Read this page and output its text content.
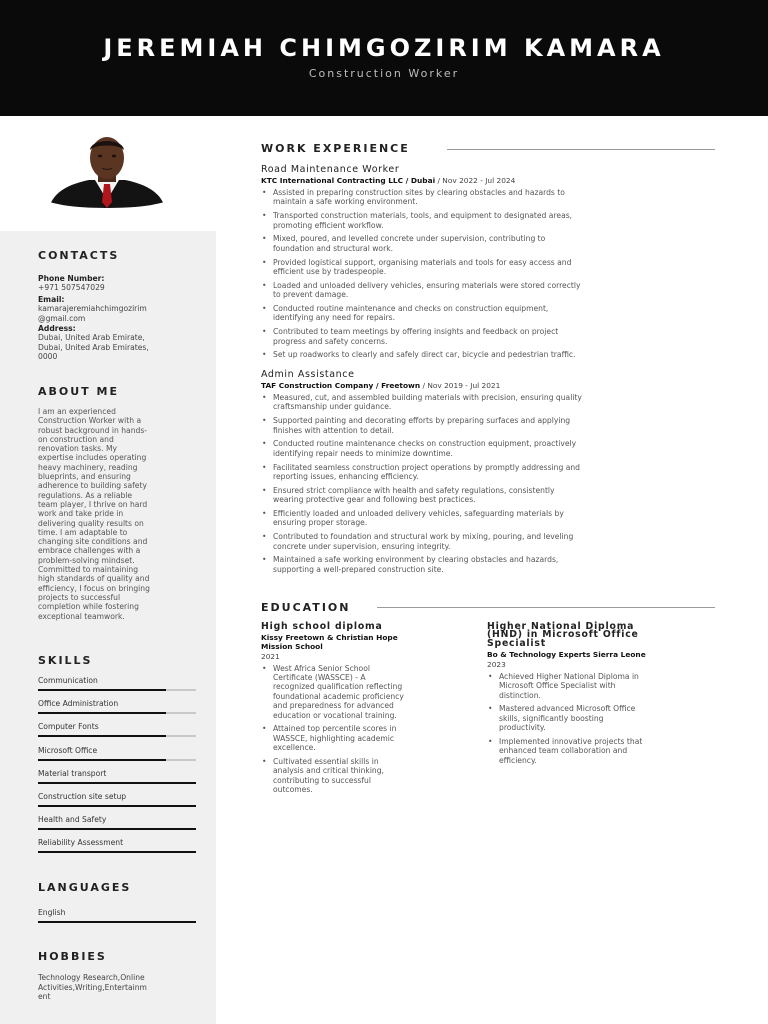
JEREMIAH CHIMGOZIRIM KAMARA
Construction Worker
CONTACTS
Phone Number:
+971 507547029
Email:
kamarajeremiahchimgozirim
@gmail.com
Address:
Dubai, United Arab Emirate,
Dubai, United Arab Emirates,
0000
ABOUT ME
I am an experienced
Construction Worker with a
robust background in hands-
on construction and
renovation tasks. My
expertise includes operating
heavy machinery, reading
blueprints, and ensuring
adherence to building safety
regulations. As a reliable
team player, I thrive on hard
work and take pride in
delivering quality results on
time. I am adaptable to
changing site conditions and
embrace challenges with a
problem-solving mindset.
Committed to maintaining
high standards of quality and
efficiency, I focus on bringing
projects to successful
completion while fostering
exceptional teamwork.
SKILLS
Communication
Office Administration
Computer Fonts
Microsoft Office
Material transport
Construction site setup
Health and Safety
Reliability Assessment
LANGUAGES
English
HOBBIES
Technology Research,Online
Activities,Writing,Entertainm
ent
WORK EXPERIENCE
Road Maintenance Worker
KTC International Contracting LLC / Dubai / Nov 2022 - Jul 2024
• Assisted in preparing construction sites by clearing obstacles and hazards to
maintain a safe working environment.
• Transported construction materials, tools, and equipment to designated areas,
promoting efficient workflow.
• Mixed, poured, and levelled concrete under supervision, contributing to
foundation and structural work.
• Provided logistical support, organising materials and tools for easy access and
efficient use by tradespeople.
• Loaded and unloaded delivery vehicles, ensuring materials were stored correctly
to prevent damage.
• Conducted routine maintenance and checks on construction equipment,
identifying any need for repairs.
• Contributed to team meetings by offering insights and feedback on project
progress and safety concerns.
• Set up roadworks to clearly and safely direct car, bicycle and pedestrian traffic.
Admin Assistance
TAF Construction Company / Freetown / Nov 2019 - Jul 2021
• Measured, cut, and assembled building materials with precision, ensuring quality
craftsmanship under guidance.
• Supported painting and decorating efforts by preparing surfaces and applying
finishes with attention to detail.
• Conducted routine maintenance checks on construction equipment, proactively
identifying repair needs to minimize downtime.
• Facilitated seamless construction project operations by promptly addressing and
reporting issues, enhancing efficiency.
• Ensured strict compliance with health and safety regulations, consistently
wearing protective gear and following best practices.
• Efficiently loaded and unloaded delivery vehicles, safeguarding materials by
ensuring proper storage.
• Contributed to foundation and structural work by mixing, pouring, and leveling
concrete under supervision, ensuring integrity.
• Maintained a safe working environment by clearing obstacles and hazards,
supporting a well-prepared construction site.
EDUCATION
High school diploma
Kissy Freetown & Christian Hope
Mission School
2021
• West Africa Senior School
Certificate (WASSCE) - A
recognized qualification reflecting
foundational academic proficiency
and preparedness for advanced
education or vocational training.
• Attained top percentile scores in
WASSCE, highlighting academic
excellence.
• Cultivated essential skills in
analysis and critical thinking,
contributing to successful
outcomes.
Higher National Diploma
(HND) in Microsoft Office
Specialist
Bo & Technology Experts Sierra Leone
2023
• Achieved Higher National Diploma in
Microsoft Office Specialist with
distinction.
• Mastered advanced Microsoft Office
skills, significantly boosting
productivity.
• Implemented innovative projects that
enhanced team collaboration and
efficiency.
